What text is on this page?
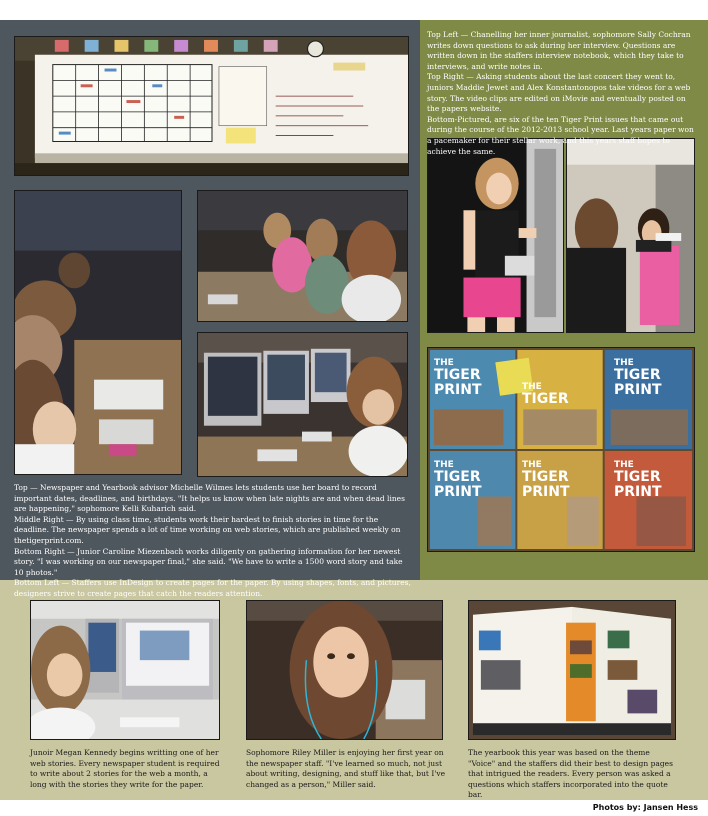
THE
TIGER
PRINT	THE
TIGER
THE
TIGER
PRINT
THE
TIGER
PRINT
THE
TIGER
PRINT
THE
TIGER
PRINT

Top Left — Chanelling her inner journalist, sophomore Sally Cochran writes down questions to ask during her interview. Questions are written down in the staffers interview notebook, which they take to interviews, and write notes in.

Top Right — Asking students about the last concert they went to, juniors Maddie Jewet and Alex Konstantonopos take videos for a web story. The video clips are edited on iMovie and eventually posted on the papers website.

Bottom-Pictured, are six of the ten Tiger Print issues that came out during the course of the 2012-2013 school year. Last years paper won a pacemaker for their stellar work, and this years staff hopes to achieve the same.

Top — Newspaper and Yearbook advisor Michelle Wilmes lets students use her board to record important dates, deadlines, and birthdays. "It helps us know when late nights are and when dead lines are happening," sophomore Kelli Kuharich said.

Middle Right — By using class time, students work their hardest to finish stories in time for the deadline. The newspaper spends a lot of time working on web stories, which are published weekly on thetigerprint.com.

Bottom Right — Junior Caroline Miezenbach works diligenty on gathering information for her newest story. "I was working on our newspaper final," she said. "We have to write a 1500 word story and take 10 photos."

Bottom Left — Staffers use InDesign to create pages for the paper. By using shapes, fonts, and pictures, designers strive to create pages that catch the readers attention.

Junoir Megan Kennedy begins writting one of her web stories. Every newspaper student is required to write about 2 stories for the web a month, a long with the stories they write for the paper.
Sophomore Riley Miller is enjoying her first year on the newspaper staff. "I've learned so much, not just about writing, designing, and stuff like that, but I've changed as a person," Miller said.
The yearbook this year was based on the theme "Voice" and the staffers did their best to design pages that intrigued the readers. Every person was asked a questions which staffers incorporated into the quote bar.
Photos by: Jansen Hess
